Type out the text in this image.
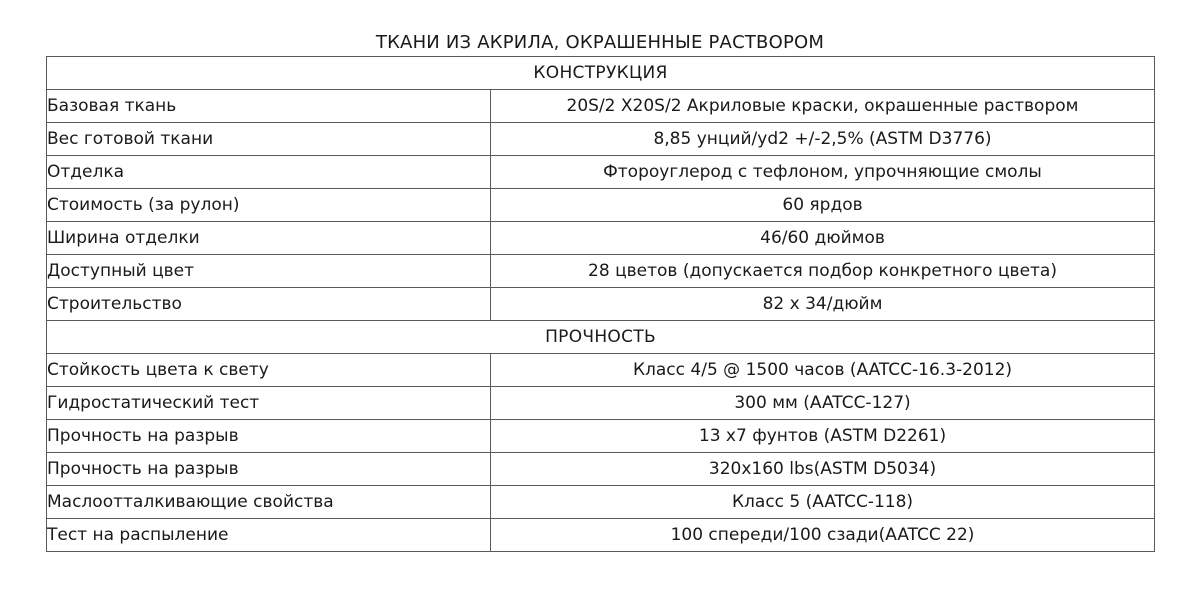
ТКАНИ ИЗ АКРИЛА, ОКРАШЕННЫЕ РАСТВОРОМ
КОНСТРУКЦИЯ	
Базовая ткань	20S/2 X20S/2 Акриловые краски, окрашенные раствором
Вес готовой ткани	8,85 унций/yd2 +/-2,5% (ASTM D3776)
Отделка	Фтороуглерод с тефлоном, упрочняющие смолы
Стоимость (за рулон)	60 ярдов
Ширина отделки	46/60 дюймов
Доступный цвет	28 цветов (допускается подбор конкретного цвета)
Строительство	82 x 34/дюйм
ПРОЧНОСТЬ	
Стойкость цвета к свету	Класс 4/5 @ 1500 часов (AATCC-16.3-2012)
Гидростатический тест	300 мм (AATCC-127)
Прочность на разрыв	13 x7 фунтов (ASTM D2261)
Прочность на разрыв	320x160 lbs(ASTM D5034)
Маслоотталкивающие свойства	Класс 5 (AATCC-118)
Тест на распыление	100 спереди/100 сзади(AATCC 22)
